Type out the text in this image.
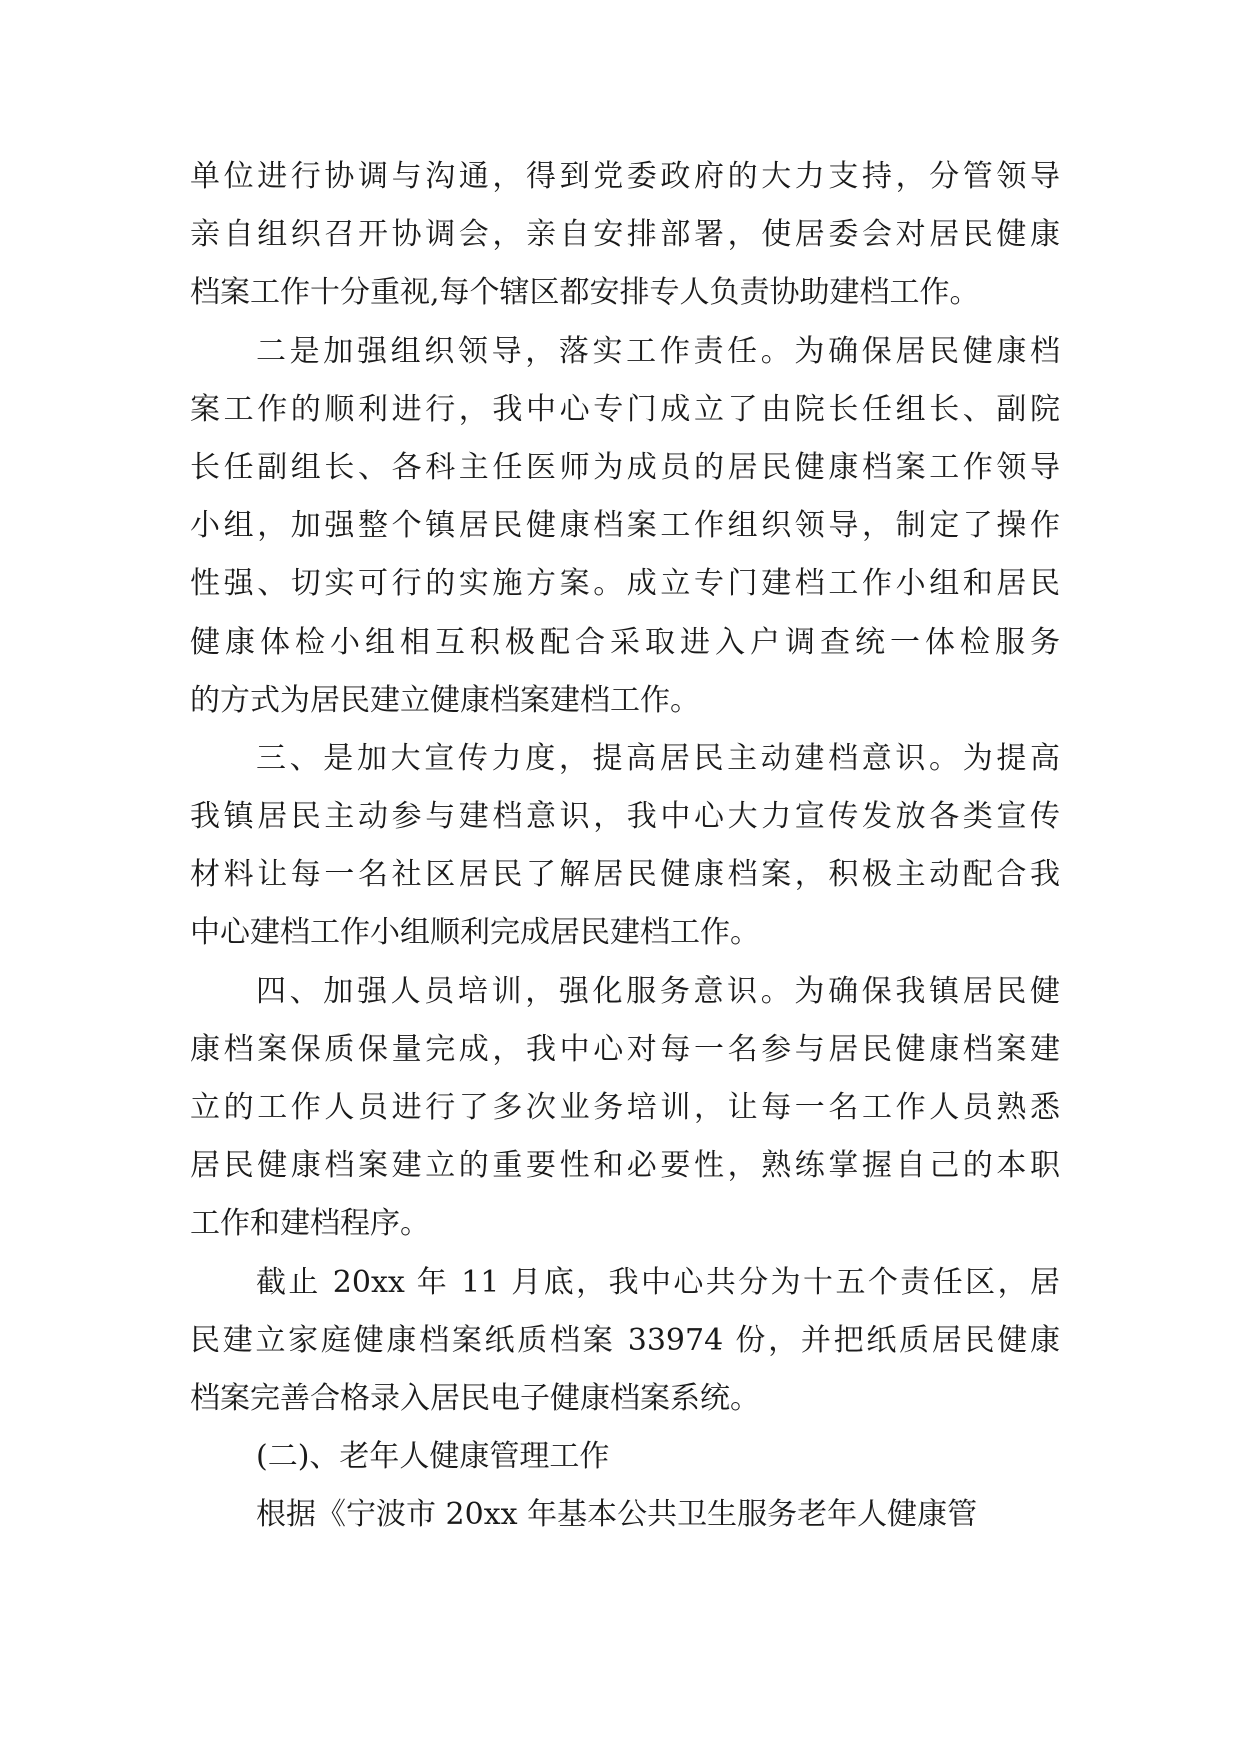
单位进行协调与沟通，得到党委政府的大力支持，分管领导
亲自组织召开协调会，亲自安排部署，使居委会对居民健康
档案工作十分重视,每个辖区都安排专人负责协助建档工作。
二是加强组织领导，落实工作责任。为确保居民健康档
案工作的顺利进行，我中心专门成立了由院长任组长、副院
长任副组长、各科主任医师为成员的居民健康档案工作领导
小组，加强整个镇居民健康档案工作组织领导，制定了操作
性强、切实可行的实施方案。成立专门建档工作小组和居民
健康体检小组相互积极配合采取进入户调查统一体检服务
的方式为居民建立健康档案建档工作。
三、是加大宣传力度，提高居民主动建档意识。为提高
我镇居民主动参与建档意识，我中心大力宣传发放各类宣传
材料让每一名社区居民了解居民健康档案，积极主动配合我
中心建档工作小组顺利完成居民建档工作。
四、加强人员培训，强化服务意识。为确保我镇居民健
康档案保质保量完成，我中心对每一名参与居民健康档案建
立的工作人员进行了多次业务培训，让每一名工作人员熟悉
居民健康档案建立的重要性和必要性，熟练掌握自己的本职
工作和建档程序。
截止 20xx 年 11 月底，我中心共分为十五个责任区，居
民建立家庭健康档案纸质档案 33974 份，并把纸质居民健康
档案完善合格录入居民电子健康档案系统。
(二)、老年人健康管理工作
根据《宁波市 20xx 年基本公共卫生服务老年人健康管
